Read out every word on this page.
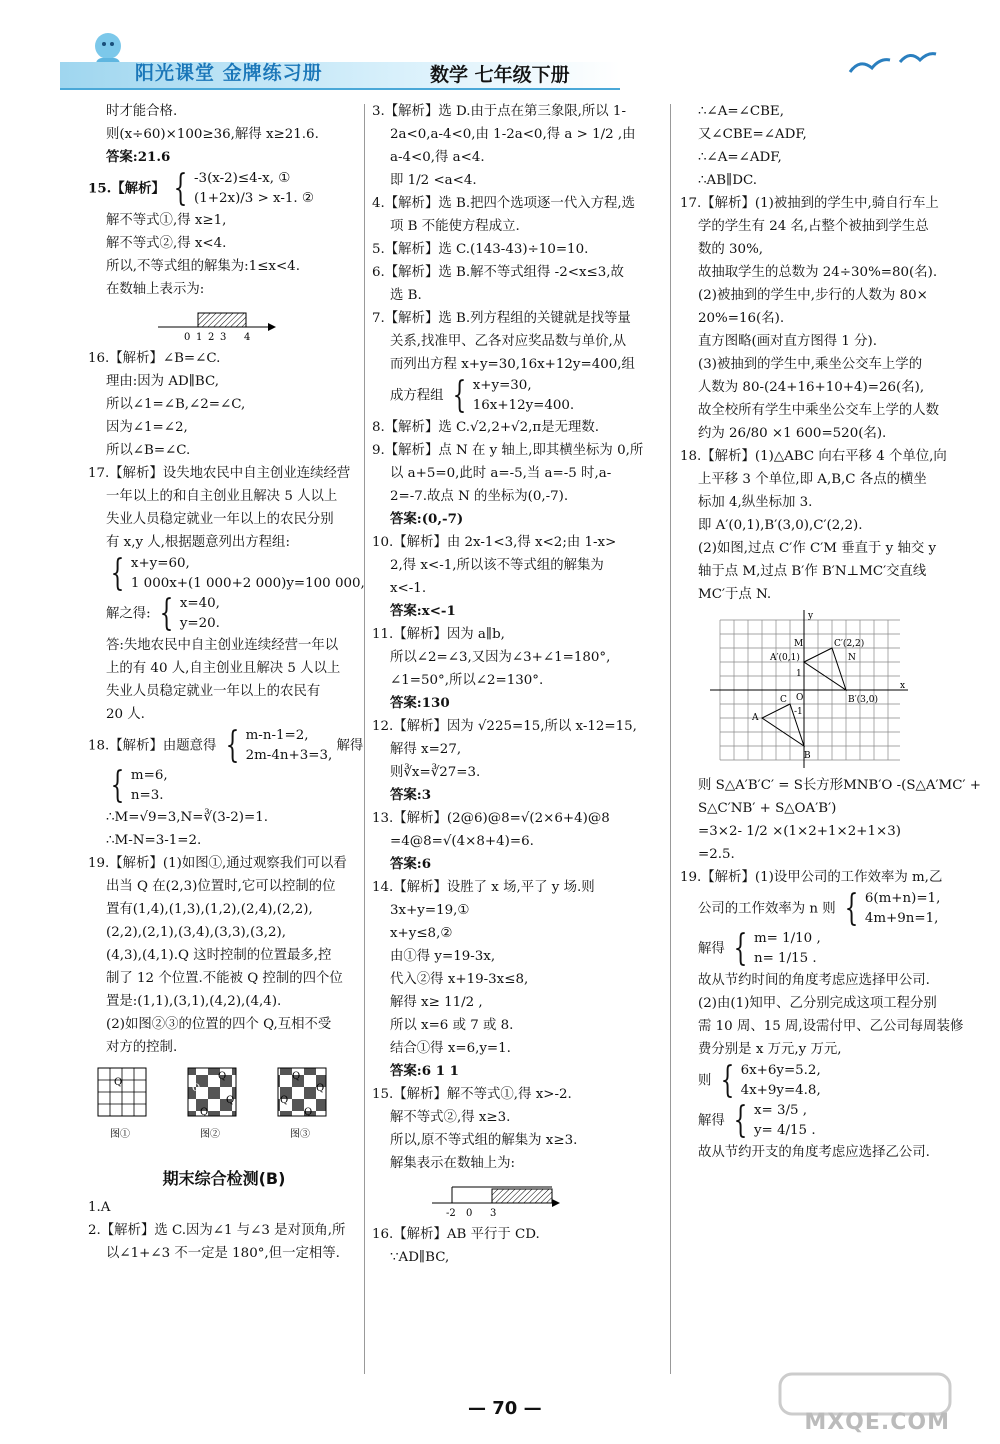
阳光课堂 金牌练习册	数学 七年级下册

时才能合格.

则(x÷60)×100≥36,解得 x≥21.6.

答案:21.6

15.【解析】 { -3(x-2)≤4-x, ①
(1+2x)/3 > x-1. ②

解不等式①,得 x≥1,

解不等式②,得 x<4.

所以,不等式组的解集为:1≤x<4.

在数轴上表示为:

0 1 2 3 4

16.【解析】∠B=∠C.

理由:因为 AD∥BC,

所以∠1=∠B,∠2=∠C,

因为∠1=∠2,

所以∠B=∠C.

17.【解析】设失地农民中自主创业连续经营

一年以上的和自主创业且解决 5 人以上

失业人员稳定就业一年以上的农民分别

有 x,y 人,根据题意列出方程组:

{ x+y=60,
1 000x+(1 000+2 000)y=100 000,

解之得: { x=40,
y=20.

答:失地农民中自主创业连续经营一年以

上的有 40 人,自主创业且解决 5 人以上

失业人员稳定就业一年以上的农民有

20 人.

18.【解析】由题意得 { m-n-1=2,
2m-4n+3=3,
解得

{ m=6,
n=3.

∴M=√9=3,N=∛(3-2)=1.

∴M-N=3-1=2.

19.【解析】(1)如图①,通过观察我们可以看

出当 Q 在(2,3)位置时,它可以控制的位

置有(1,4),(1,3),(1,2),(2,4),(2,2),

(2,2),(2,1),(3,4),(3,3),(3,2),

(4,3),(4,1).Q 这时控制的位置最多,控

制了 12 个位置.不能被 Q 控制的四个位

置是:(1,1),(3,1),(4,2),(4,4).

(2)如图②③的位置的四个 Q,互相不受

对方的控制.

Q
图①
Q
Q
Q
Q
图②
Q
Q
Q
Q
图③
期末综合检测(B)

1.A

2.【解析】选 C.因为∠1 与∠3 是对顶角,所

以∠1+∠3 不一定是 180°,但一定相等.

3.【解析】选 D.由于点在第三象限,所以 1-

2a<0,a-4<0,由 1-2a<0,得 a > 1/2 ,由

a-4<0,得 a<4.

即 1/2 <a<4.

4.【解析】选 B.把四个选项逐一代入方程,选

项 B 不能使方程成立.

5.【解析】选 C.(143-43)÷10=10.

6.【解析】选 B.解不等式组得 -2<x≤3,故

选 B.

7.【解析】选 B.列方程组的关键就是找等量

关系,找准甲、乙各对应奖品数与单价,从

而列出方程 x+y=30,16x+12y=400,组

成方程组 { x+y=30,
16x+12y=400.

8.【解析】选 C.√2,2+√2,π是无理数.

9.【解析】点 N 在 y 轴上,即其横坐标为 0,所

以 a+5=0,此时 a=-5,当 a=-5 时,a-

2=-7.故点 N 的坐标为(0,-7).

答案:(0,-7)

10.【解析】由 2x-1<3,得 x<2;由 1-x>

2,得 x<-1,所以该不等式组的解集为

x<-1.

答案:x<-1

11.【解析】因为 a∥b,

所以∠2=∠3,又因为∠3+∠1=180°,

∠1=50°,所以∠2=130°.

答案:130

12.【解析】因为 √225=15,所以 x-12=15,

解得 x=27,

则∛x=∛27=3.

答案:3

13.【解析】(2@6)@8=√(2×6+4)@8

=4@8=√(4×8+4)=6.

答案:6

14.【解析】设胜了 x 场,平了 y 场.则

3x+y=19,①

x+y≤8,②

由①得 y=19-3x,

代入②得 x+19-3x≤8,

解得 x≥ 11/2 ,

所以 x=6 或 7 或 8.

结合①得 x=6,y=1.

答案:6 1 1

15.【解析】解不等式①,得 x>-2.

解不等式②,得 x≥3.

所以,原不等式组的解集为 x≥3.

解集表示在数轴上为:

-2 0 3

16.【解析】AB 平行于 CD.

∵AD∥BC,

∴∠A=∠CBE,

又∠CBE=∠ADF,

∴∠A=∠ADF,

∴AB∥DC.

17.【解析】(1)被抽到的学生中,骑自行车上

学的学生有 24 名,占整个被抽到学生总

数的 30%,

故抽取学生的总数为 24÷30%=80(名).

(2)被抽到的学生中,步行的人数为 80×

20%=16(名).

直方图略(画对直方图得 1 分).

(3)被抽到的学生中,乘坐公交车上学的

人数为 80-(24+16+10+4)=26(名),

故全校所有学生中乘坐公交车上学的人数

约为 26/80 ×1 600=520(名).

18.【解析】(1)△ABC 向右平移 4 个单位,向

上平移 3 个单位,即 A,B,C 各点的横坐

标加 4,纵坐标加 3.

即 A′(0,1),B′(3,0),C′(2,2).

(2)如图,过点 C′作 C′M 垂直于 y 轴交 y

轴于点 M,过点 B′作 B′N⊥MC′交直线

MC′于点 N.

y
x
M
A′(0,1)
C′(2,2)
N
C	B′(3,0)
A
B
O
1
-1

则 S△A′B′C′ = S长方形MNB′O -(S△A′MC′ +

S△C′NB′ + S△OA′B′)

=3×2- 1/2 ×(1×2+1×2+1×3)

=2.5.

19.【解析】(1)设甲公司的工作效率为 m,乙

公司的工作效率为 n 则 { 6(m+n)=1,
4m+9n=1,

解得 { m= 1/10 ,
n= 1/15 .

故从节约时间的角度考虑应选择甲公司.

(2)由(1)知甲、乙分别完成这项工程分别

需 10 周、15 周,设需付甲、乙公司每周装修

费分别是 x 万元,y 万元,

则 { 6x+6y=5.2,
4x+9y=4.8,

解得 { x= 3/5 ,
y= 4/15 .

故从节约开支的角度考虑应选择乙公司.

— 70 —
MXQE.COM
